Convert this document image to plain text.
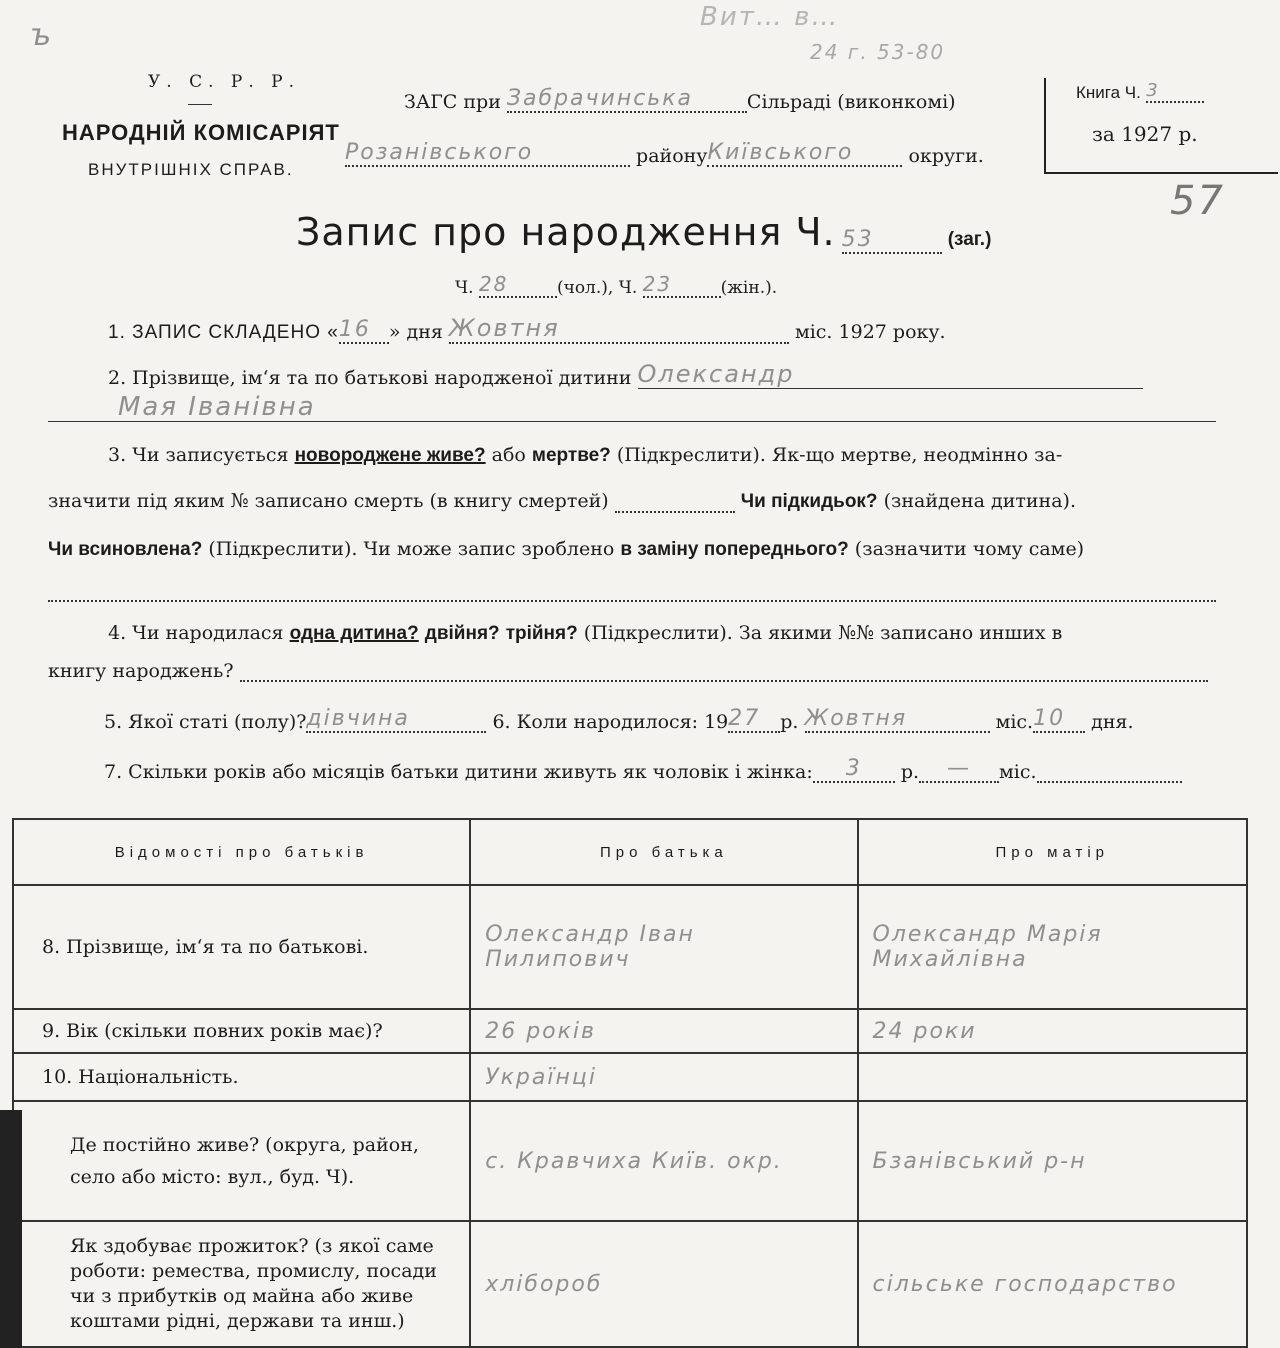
ъ
Вит… в…
24 г. 53-80
У. С. Р. Р.
НАРОДНІЙ КОМІСАРІЯТ
ВНУТРІШНІХ СПРАВ.
ЗАГС при Забрачинська	Сільраді (виконкомі)
Розанівського	районуКиївського	округи.
Книга Ч. 3
за 1927 р.
57
Запис про народження Ч. 53	(заг.)
Ч. 28	(чол.), Ч. 23	(жін.).
1. ЗАПИС СКЛАДЕНО «16 » дня Жовтня	міс. 1927 року.
2. Прізвище, ім‘я та по батькові народженої дитини Олександр
Мая Іванівна
3. Чи записується новороджене живе? або мертве? (Підкреслити). Як-що мертве, неодмінно за-
значити під яким № записано смерть (в книгу смертей)	Чи підкидьок? (знайдена дитина).
Чи всиновлена? (Підкреслити). Чи може запис зроблено в заміну попереднього? (зазначити чому саме)
4. Чи народилася одна дитина? двійня? трійня? (Підкреслити). За якими №№ записано инших в
книгу народжень?
5. Якої статі (полу)?дівчина	6. Коли народилося: 1927 р. Жовтня	міс.10 дня.
7. Скільки років або місяців батьки дитини живуть як чоловік і жінка: 3 р. — міс.
Відомості про батьків	Про батька	Про матір
8. Прізвище, ім‘я та по батькові.	Олександр Іван Пилипович	Олександр Марія Михайлівна
9. Вік (скільки повних років має)?	26 років	24 роки
10. Національність.	Українці	
Де постійно живе? (округа, район, село або місто: вул., буд. Ч).	с. Кравчиха Київ. окр.	Бзанівський р-н
Як здобуває прожиток? (з якої саме роботи: ремества, промислу, посади чи з прибутків од майна або живе коштами рідні, держави та инш.)	хлібороб	сільське господарство
